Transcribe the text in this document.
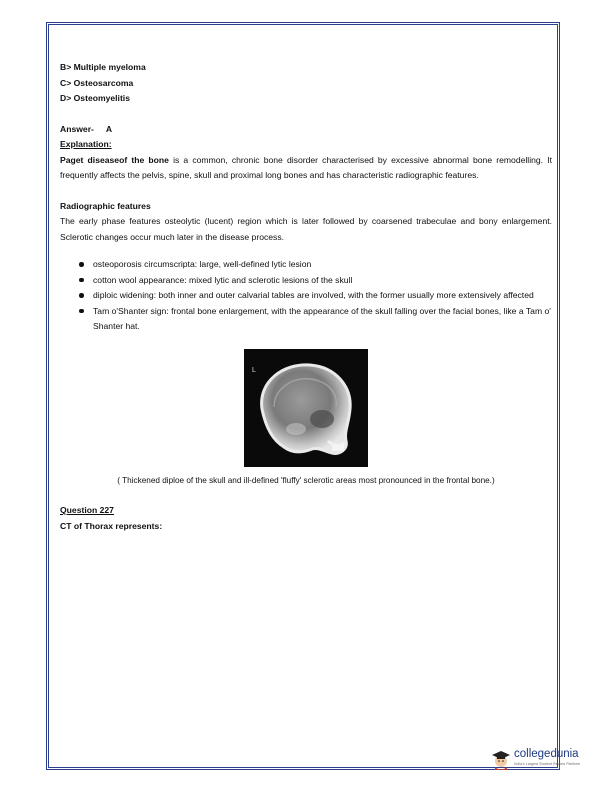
B> Multiple myeloma
C> Osteosarcoma
D> Osteomyelitis
Answer- A
Explanation:
Paget diseaseof the bone is a common, chronic bone disorder characterised by excessive abnormal bone remodelling. It frequently affects the pelvis, spine, skull and proximal long bones and has characteristic radiographic features.
Radiographic features
The early phase features osteolytic (lucent) region which is later followed by coarsened trabeculae and bony enlargement. Sclerotic changes occur much later in the disease process.
osteoporosis circumscripta: large, well-defined lytic lesion
cotton wool appearance: mixed lytic and sclerotic lesions of the skull
diploic widening: both inner and outer calvarial tables are involved, with the former usually more extensively affected
Tam o'Shanter sign: frontal bone enlargement, with the appearance of the skull falling over the facial bones, like a Tam o' Shanter hat.
L
( Thickened diploe of the skull and ill-defined 'fluffy' sclerotic areas most pronounced in the frontal bone.)
Question 227
CT of Thorax represents:
collegedunia
India's Largest Student Review Platform
